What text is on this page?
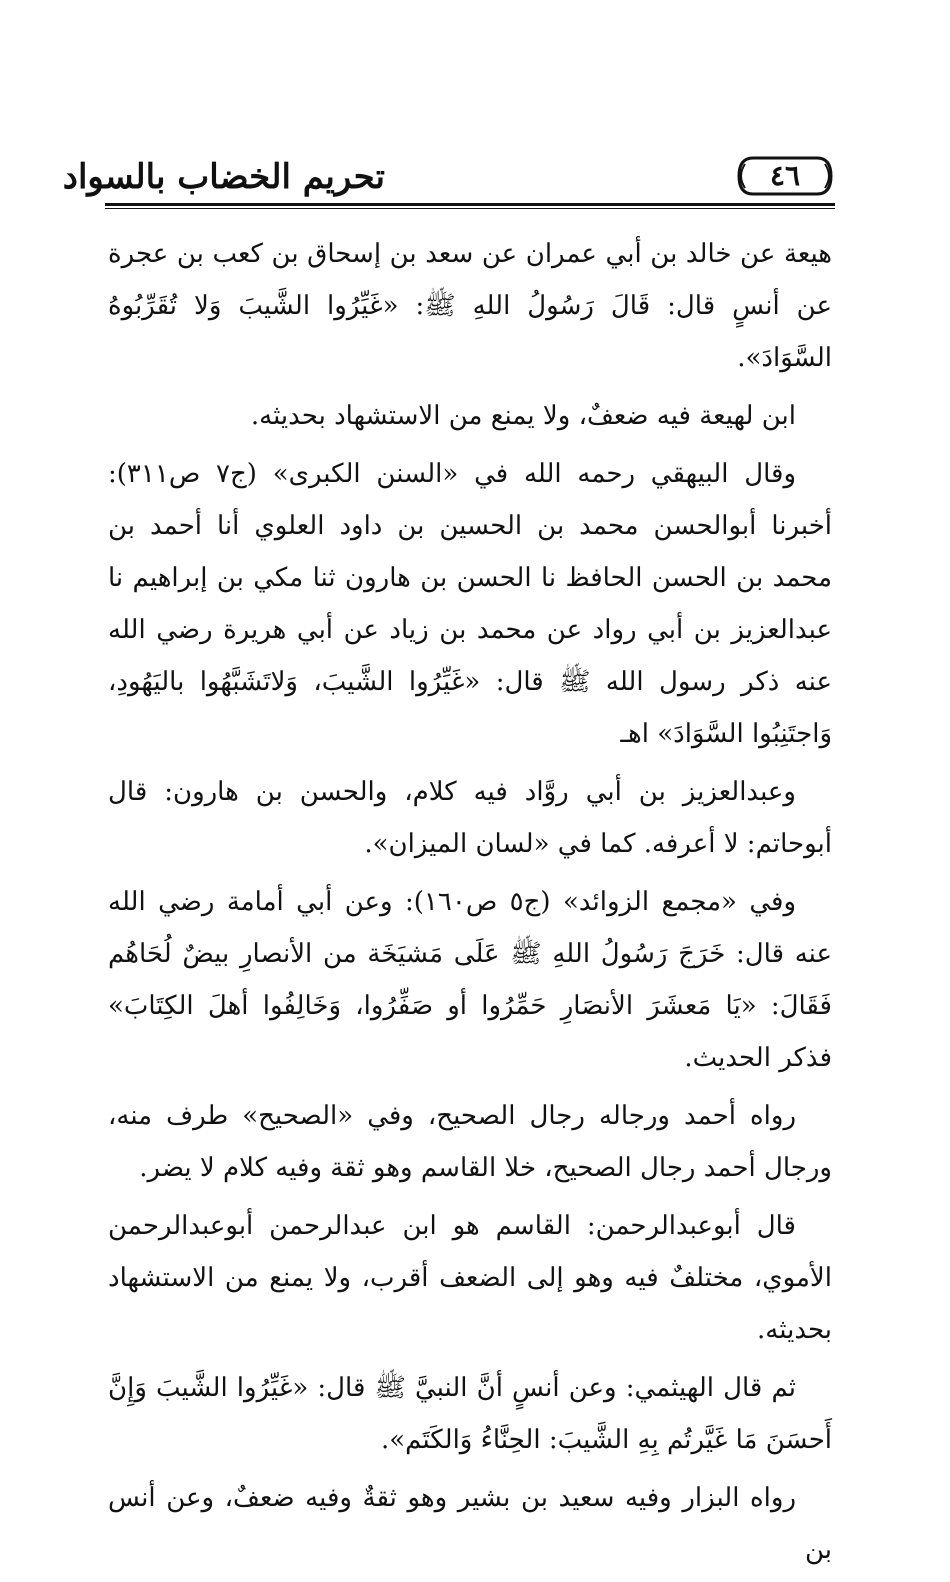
تحريم الخضاب بالسواد	٤٦

هيعة عن خالد بن أبي عمران عن سعد بن إسحاق بن كعب بن عجرة عن أنسٍ قال: قَالَ رَسُولُ اللهِ ﷺ: «غَيِّرُوا الشَّيبَ وَلا تُقَرِّبُوهُ السَّوَادَ».

ابن لهيعة فيه ضعفٌ، ولا يمنع من الاستشهاد بحديثه.

وقال البيهقي رحمه الله في «السنن الكبرى» (ج٧ ص٣١١): أخبرنا أبوالحسن محمد بن الحسين بن داود العلوي أنا أحمد بن محمد بن الحسن الحافظ نا الحسن بن هارون ثنا مكي بن إبراهيم نا عبدالعزيز بن أبي رواد عن محمد بن زياد عن أبي هريرة رضي الله عنه ذكر رسول الله ﷺ قال: «غَيِّرُوا الشَّيبَ، وَلاتَشَبَّهُوا باليَهُودِ، وَاجتَنِبُوا السَّوَادَ» اهـ

وعبدالعزيز بن أبي روَّاد فيه كلام، والحسن بن هارون: قال أبوحاتم: لا أعرفه. كما في «لسان الميزان».

وفي «مجمع الزوائد» (ج٥ ص١٦٠): وعن أبي أمامة رضي الله عنه قال: خَرَجَ رَسُولُ اللهِ ﷺ عَلَى مَشيَخَة من الأنصارِ بيضٌ لُحَاهُم فَقَالَ: «يَا مَعشَرَ الأنصَارِ حَمِّرُوا أو صَفِّرُوا، وَخَالِفُوا أهلَ الكِتَابَ» فذكر الحديث.

رواه أحمد ورجاله رجال الصحيح، وفي «الصحيح» طرف منه، ورجال أحمد رجال الصحيح، خلا القاسم وهو ثقة وفيه كلام لا يضر.

قال أبوعبدالرحمن: القاسم هو ابن عبدالرحمن أبوعبدالرحمن الأموي، مختلفٌ فيه وهو إلى الضعف أقرب، ولا يمنع من الاستشهاد بحديثه.

ثم قال الهيثمي: وعن أنسٍ أنَّ النبيَّ ﷺ قال: «غَيِّرُوا الشَّيبَ وَإِنَّ أَحسَنَ مَا غَيَّرتُم بِهِ الشَّيبَ: الحِنَّاءُ وَالكَتَم».

رواه البزار وفيه سعيد بن بشير وهو ثقةٌ وفيه ضعفٌ، وعن أنس بن
